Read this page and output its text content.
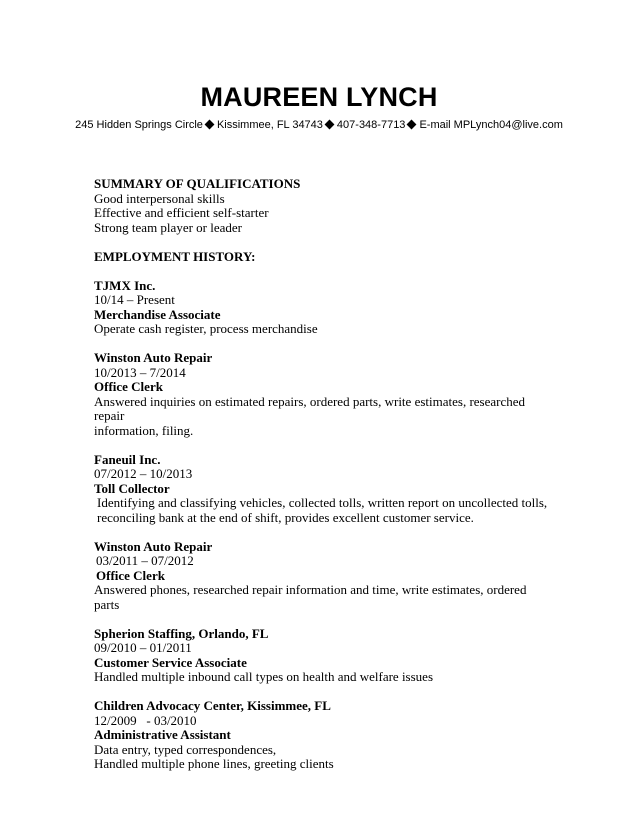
MAUREEN LYNCH
245 Hidden Springs Circle Kissimmee, FL 34743 407-348-7713 E-mail MPLynch04@live.com
SUMMARY OF QUALIFICATIONS
Good interpersonal skills
Effective and efficient self-starter
Strong team player or leader
EMPLOYMENT HISTORY:
TJMX Inc.
10/14 – Present
Merchandise Associate
Operate cash register, process merchandise
Winston Auto Repair
10/2013 – 7/2014
Office Clerk
Answered inquiries on estimated repairs, ordered parts, write estimates, researched repair
information, filing.
Faneuil Inc.
07/2012 – 10/2013
Toll Collector
Identifying and classifying vehicles, collected tolls, written report on uncollected tolls,
reconciling bank at the end of shift, provides excellent customer service.
Winston Auto Repair
03/2011 – 07/2012
Office Clerk
Answered phones, researched repair information and time, write estimates, ordered parts
Spherion Staffing, Orlando, FL
09/2010 – 01/2011
Customer Service Associate
Handled multiple inbound call types on health and welfare issues
Children Advocacy Center, Kissimmee, FL
12/2009   - 03/2010
Administrative Assistant
Data entry, typed correspondences,
Handled multiple phone lines, greeting clients
